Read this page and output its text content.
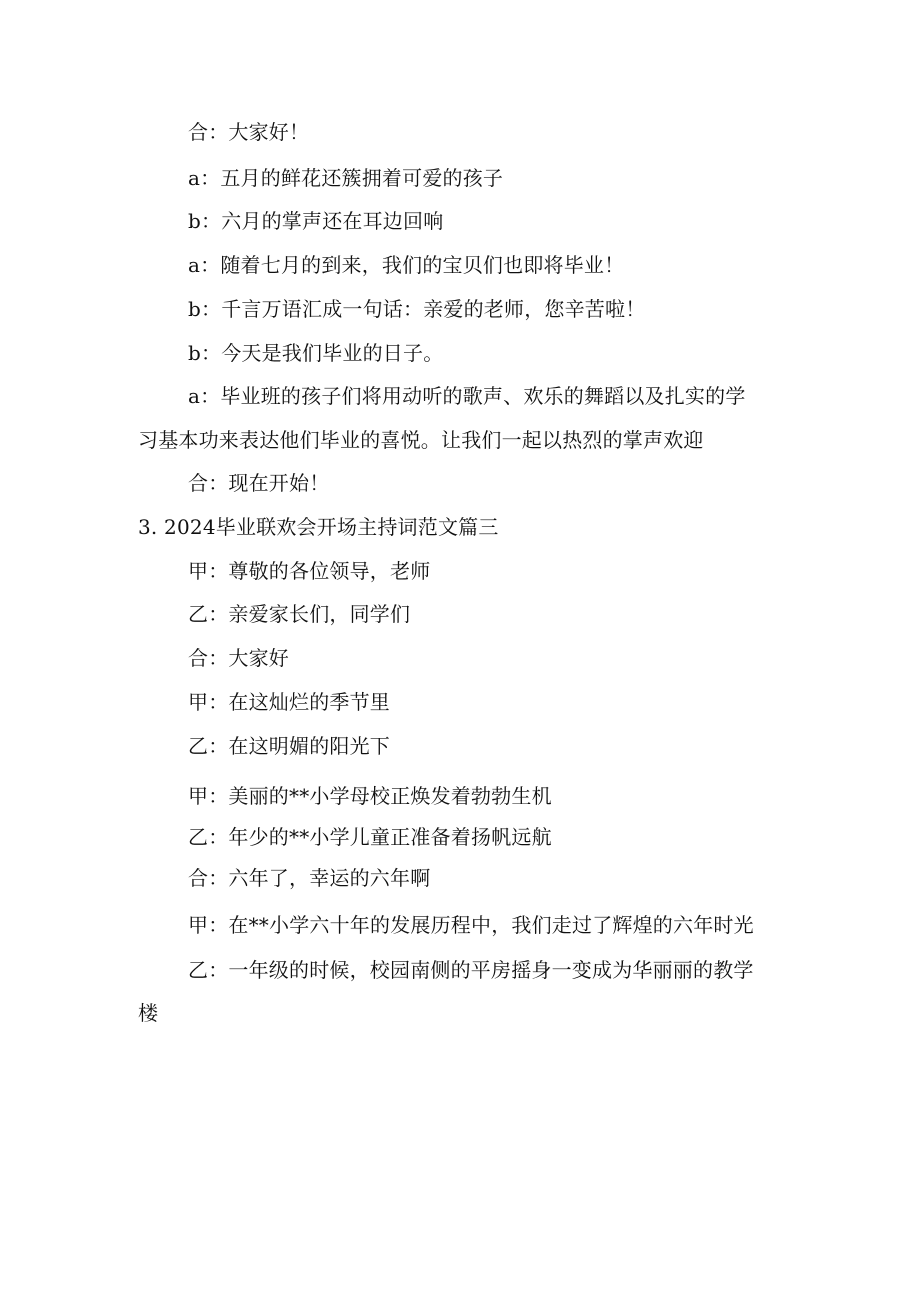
合：大家好！
a：五月的鲜花还簇拥着可爱的孩子
b：六月的掌声还在耳边回响
a：随着七月的到来，我们的宝贝们也即将毕业！
b：千言万语汇成一句话：亲爱的老师，您辛苦啦！
b：今天是我们毕业的日子。
a：毕业班的孩子们将用动听的歌声、欢乐的舞蹈以及扎实的学
习基本功来表达他们毕业的喜悦。让我们一起以热烈的掌声欢迎
合：现在开始！
3. 2024毕业联欢会开场主持词范文篇三
甲：尊敬的各位领导，老师
乙：亲爱家长们，同学们
合：大家好
甲：在这灿烂的季节里
乙：在这明媚的阳光下
甲：美丽的**小学母校正焕发着勃勃生机
乙：年少的**小学儿童正准备着扬帆远航
合：六年了，幸运的六年啊
甲：在**小学六十年的发展历程中，我们走过了辉煌的六年时光
乙：一年级的时候，校园南侧的平房摇身一变成为华丽丽的教学
楼
